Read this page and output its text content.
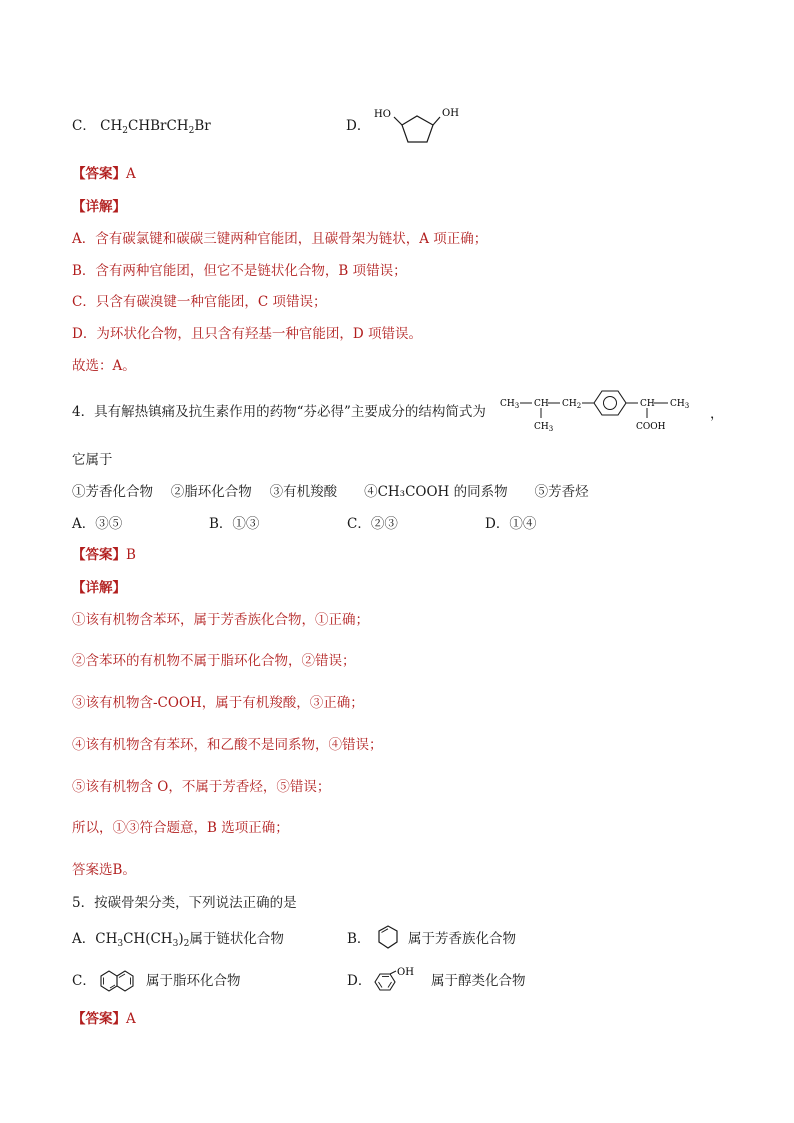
C． $CH_2CHBrCH_2Br$	D．
HO	OH
【答案】A
【详解】
A．含有碳氯键和碳碳三键两种官能团，且碳骨架为链状，A 项正确；
B．含有两种官能团，但它不是链状化合物，B 项错误；
C．只含有碳溴键一种官能团，C 项错误；
D．为环状化合物，且只含有羟基一种官能团，D 项错误。
故选：A。
4．具有解热镇痛及抗生素作用的药物“芬必得”主要成分的结构简式为 $CH_3$ CH
$CH_3$
$CH_2$	CH $CH_3$
COOH
，
它属于
①芳香化合物　 ②脂环化合物　 ③有机羧酸　　④CH₃COOH 的同系物　　⑤芳香烃
A．③⑤	B．①③	C．②③	D．①④
【答案】B
【详解】
①该有机物含苯环，属于芳香族化合物，①正确；
②含苯环的有机物不属于脂环化合物，②错误；
③该有机物含-COOH，属于有机羧酸，③正确；
④该有机物含有苯环，和乙酸不是同系物，④错误；
⑤该有机物含 O，不属于芳香烃，⑤错误；
所以，①③符合题意，B 选项正确；
答案选B。
5．按碳骨架分类，下列说法正确的是
A．$CH_3CH(CH_3)_2$属于链状化合物	B．	属于芳香族化合物
C．	属于脂环化合物	D．
OH
属于醇类化合物
【答案】A
